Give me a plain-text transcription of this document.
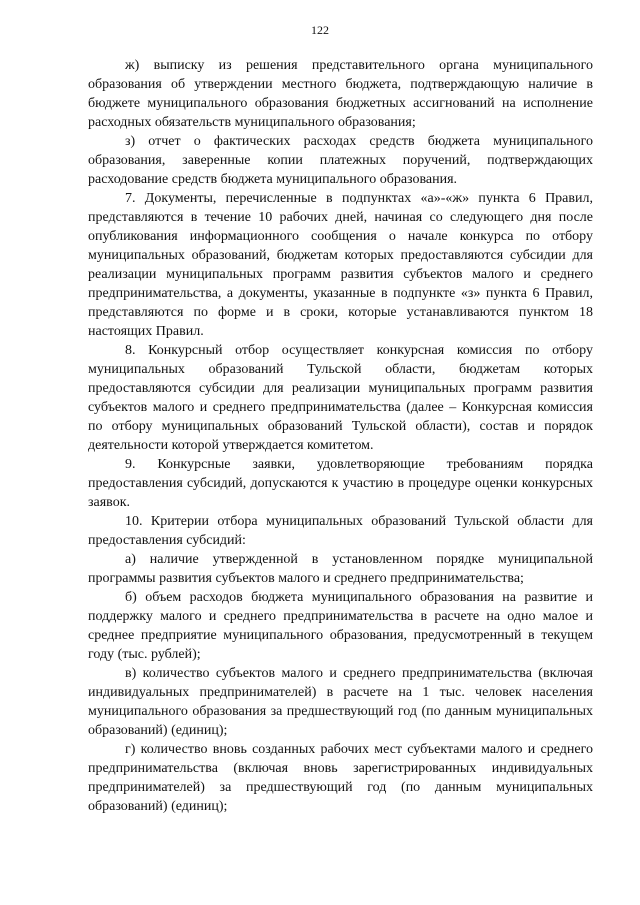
122

ж) выписку из решения представительного органа муниципального образования об утверждении местного бюджета, подтверждающую наличие в бюджете муниципального образования бюджетных ассигнований на исполнение расходных обязательств муниципального образования;

з) отчет о фактических расходах средств бюджета муниципального образования, заверенные копии платежных поручений, подтверждающих расходование средств бюджета муниципального образования.

7. Документы, перечисленные в подпунктах «а»-«ж» пункта 6 Правил, представляются в течение 10 рабочих дней, начиная со следующего дня после опубликования информационного сообщения о начале конкурса по отбору муниципальных образований, бюджетам которых предоставляются субсидии для реализации муниципальных программ развития субъектов малого и среднего предпринимательства, а документы, указанные в подпункте «з» пункта 6 Правил, представляются по форме и в сроки, которые устанавливаются пунктом 18 настоящих Правил.

8. Конкурсный отбор осуществляет конкурсная комиссия по отбору муниципальных образований Тульской области, бюджетам которых предоставляются субсидии для реализации муниципальных программ развития субъектов малого и среднего предпринимательства (далее – Конкурсная комиссия по отбору муниципальных образований Тульской области), состав и порядок деятельности которой утверждается комитетом.

9. Конкурсные заявки, удовлетворяющие требованиям порядка предоставления субсидий, допускаются к участию в процедуре оценки конкурсных заявок.

10. Критерии отбора муниципальных образований Тульской области для предоставления субсидий:

а) наличие утвержденной в установленном порядке муниципальной программы развития субъектов малого и среднего предпринимательства;

б) объем расходов бюджета муниципального образования на развитие и поддержку малого и среднего предпринимательства в расчете на одно малое и среднее предприятие муниципального образования, предусмотренный в текущем году (тыс. рублей);

в) количество субъектов малого и среднего предпринимательства (включая индивидуальных предпринимателей) в расчете на 1 тыс. человек населения муниципального образования за предшествующий год (по данным муниципальных образований) (единиц);

г) количество вновь созданных рабочих мест субъектами малого и среднего предпринимательства (включая вновь зарегистрированных индивидуальных предпринимателей) за предшествующий год (по данным муниципальных образований) (единиц);
